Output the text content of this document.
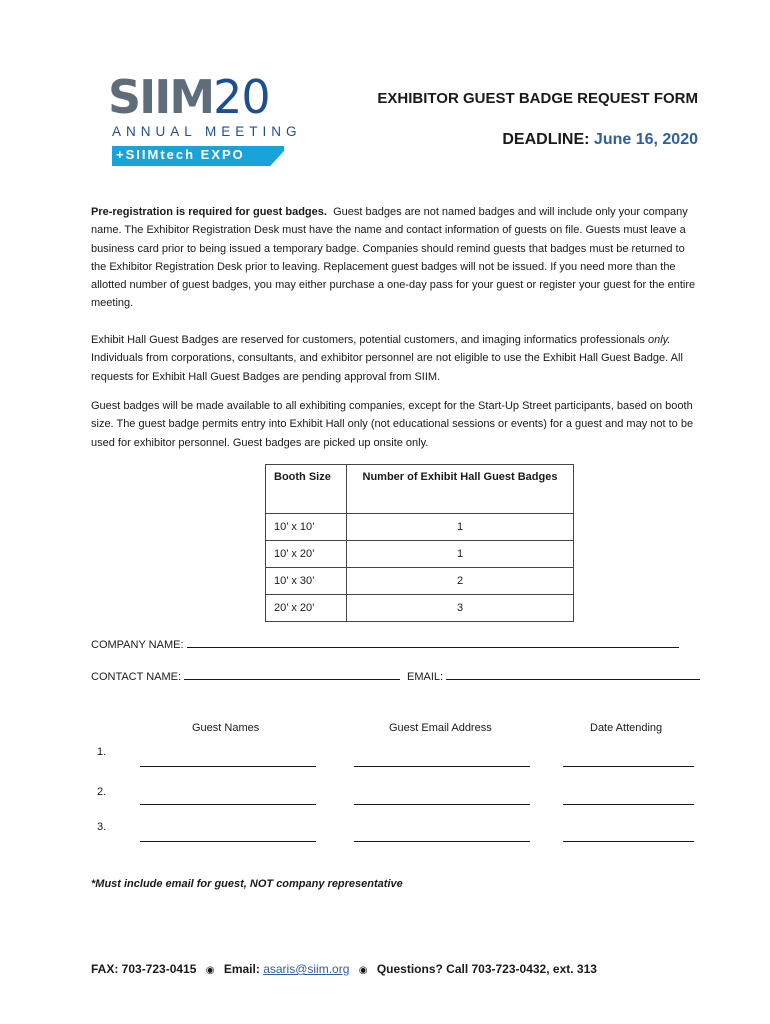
SIIM20
ANNUAL MEETING
+SIIMtech EXPO
EXHIBITOR GUEST BADGE REQUEST FORM
DEADLINE: June 16, 2020
Pre-registration is required for guest badges. Guest badges are not named badges and will include only your company name. The Exhibitor Registration Desk must have the name and contact information of guests on file. Guests must leave a business card prior to being issued a temporary badge. Companies should remind guests that badges must be returned to the Exhibitor Registration Desk prior to leaving. Replacement guest badges will not be issued. If you need more than the allotted number of guest badges, you may either purchase a one-day pass for your guest or register your guest for the entire meeting.
Exhibit Hall Guest Badges are reserved for customers, potential customers, and imaging informatics professionals only. Individuals from corporations, consultants, and exhibitor personnel are not eligible to use the Exhibit Hall Guest Badge. All requests for Exhibit Hall Guest Badges are pending approval from SIIM.
Guest badges will be made available to all exhibiting companies, except for the Start-Up Street participants, based on booth size. The guest badge permits entry into Exhibit Hall only (not educational sessions or events) for a guest and may not to be used for exhibitor personnel. Guest badges are picked up onsite only.
Booth Size	Number of Exhibit Hall Guest Badges
10’ x 10’	1
10’ x 20’	1
10’ x 30’	2
20’ x 20’	3
COMPANY NAME:
CONTACT NAME:	EMAIL:
Guest Names	Guest Email Address	Date Attending
1.
2.
3.
*Must include email for guest, NOT company representative
FAX: 703-723-0415 ◉ Email: asaris@siim.org ◉ Questions? Call 703-723-0432, ext. 313
